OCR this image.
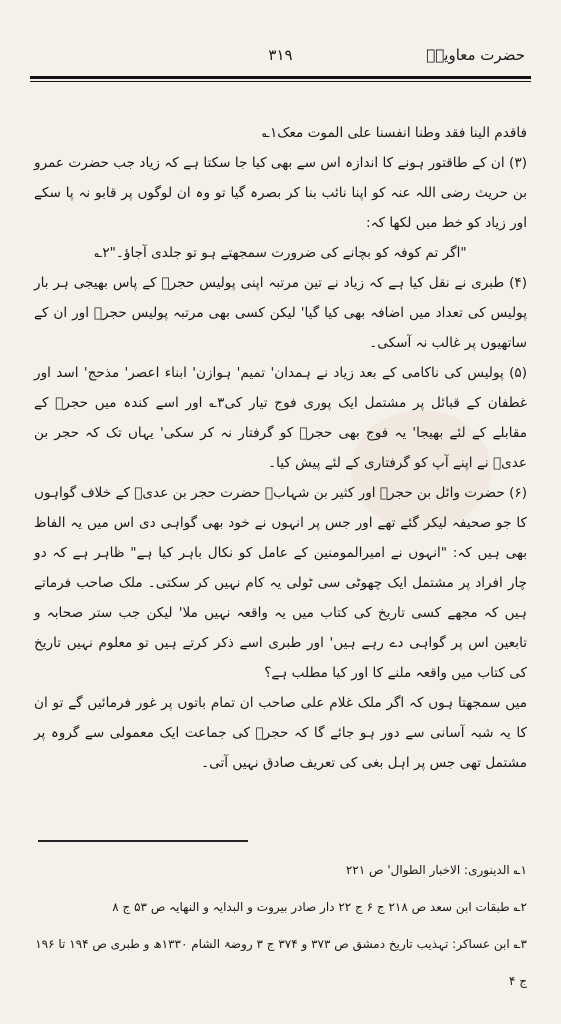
حضرت معاویہؓ
۳۱۹

فاقدم الینا فقد وطنا انفسنا علی الموت معک۱؎

(۳) ان کے طاقتور ہونے کا اندازہ اس سے بھی کیا جا سکتا ہے کہ زیاد جب حضرت عمرو بن حریث رضی اللہ عنہ کو اپنا نائب بنا کر بصرہ گیا تو وہ ان لوگوں پر قابو نہ پا سکے اور زیاد کو خط میں لکھا کہ:

"اگر تم کوفہ کو بچانے کی ضرورت سمجھتے ہو تو جلدی آجاؤ۔"۲؎

(۴) طبری نے نقل کیا ہے کہ زیاد نے تین مرتبہ اپنی پولیس حجرؓ کے پاس بھیجی ہر بار پولیس کی تعداد میں اضافہ بھی کیا گیا' لیکن کسی بھی مرتبہ پولیس حجرؓ اور ان کے ساتھیوں پر غالب نہ آسکی۔

(۵) پولیس کی ناکامی کے بعد زیاد نے ہمدان' تمیم' ہوازن' ابناء اعصر' مذحج' اسد اور غطفان کے قبائل پر مشتمل ایک پوری فوج تیار کی۳؎ اور اسے کندہ میں حجرؓ کے مقابلے کے لئے بھیجا' یہ فوج بھی حجرؓ کو گرفتار نہ کر سکی' یہاں تک کہ حجر بن عدیؓ نے اپنے آپ کو گرفتاری کے لئے پیش کیا۔

(۶) حضرت وائل بن حجرؓ اور کثیر بن شہابؓ حضرت حجر بن عدیؓ کے خلاف گواہوں کا جو صحیفہ لیکر گئے تھے اور جس پر انہوں نے خود بھی گواہی دی اس میں یہ الفاظ بھی ہیں کہ: "انہوں نے امیرالمومنین کے عامل کو نکال باہر کیا ہے" ظاہر ہے کہ دو چار افراد پر مشتمل ایک چھوٹی سی ٹولی یہ کام نہیں کر سکتی۔ ملک صاحب فرماتے ہیں کہ مجھے کسی تاریخ کی کتاب میں یہ واقعہ نہیں ملا' لیکن جب ستر صحابہ و تابعین اس پر گواہی دے رہے ہیں' اور طبری اسے ذکر کرتے ہیں تو معلوم نہیں تاریخ کی کتاب میں واقعہ ملنے کا اور کیا مطلب ہے؟

میں سمجھتا ہوں کہ اگر ملک غلام علی صاحب ان تمام باتوں پر غور فرمائیں گے تو ان کا یہ شبہ آسانی سے دور ہو جائے گا کہ حجرؓ کی جماعت ایک معمولی سے گروہ پر مشتمل تھی جس پر اہل بغی کی تعریف صادق نہیں آتی۔

۱؎ الدینوری: الاخبار الطوال' ص ۲۲۱

۲؎ طبقات ابن سعد ص ۲۱۸ ج ۶ ج ۲۲ دار صادر بیروت و البدایہ و النھایہ ص ۵۳ ج ۸

۳؎ ابن عساکر: تہذیب تاریخ دمشق ص ۳۷۳ و ۳۷۴ ج ۳ روضۃ الشام ۱۳۳۰ھ و طبری ص ۱۹۴ تا ۱۹۶ ج ۴
